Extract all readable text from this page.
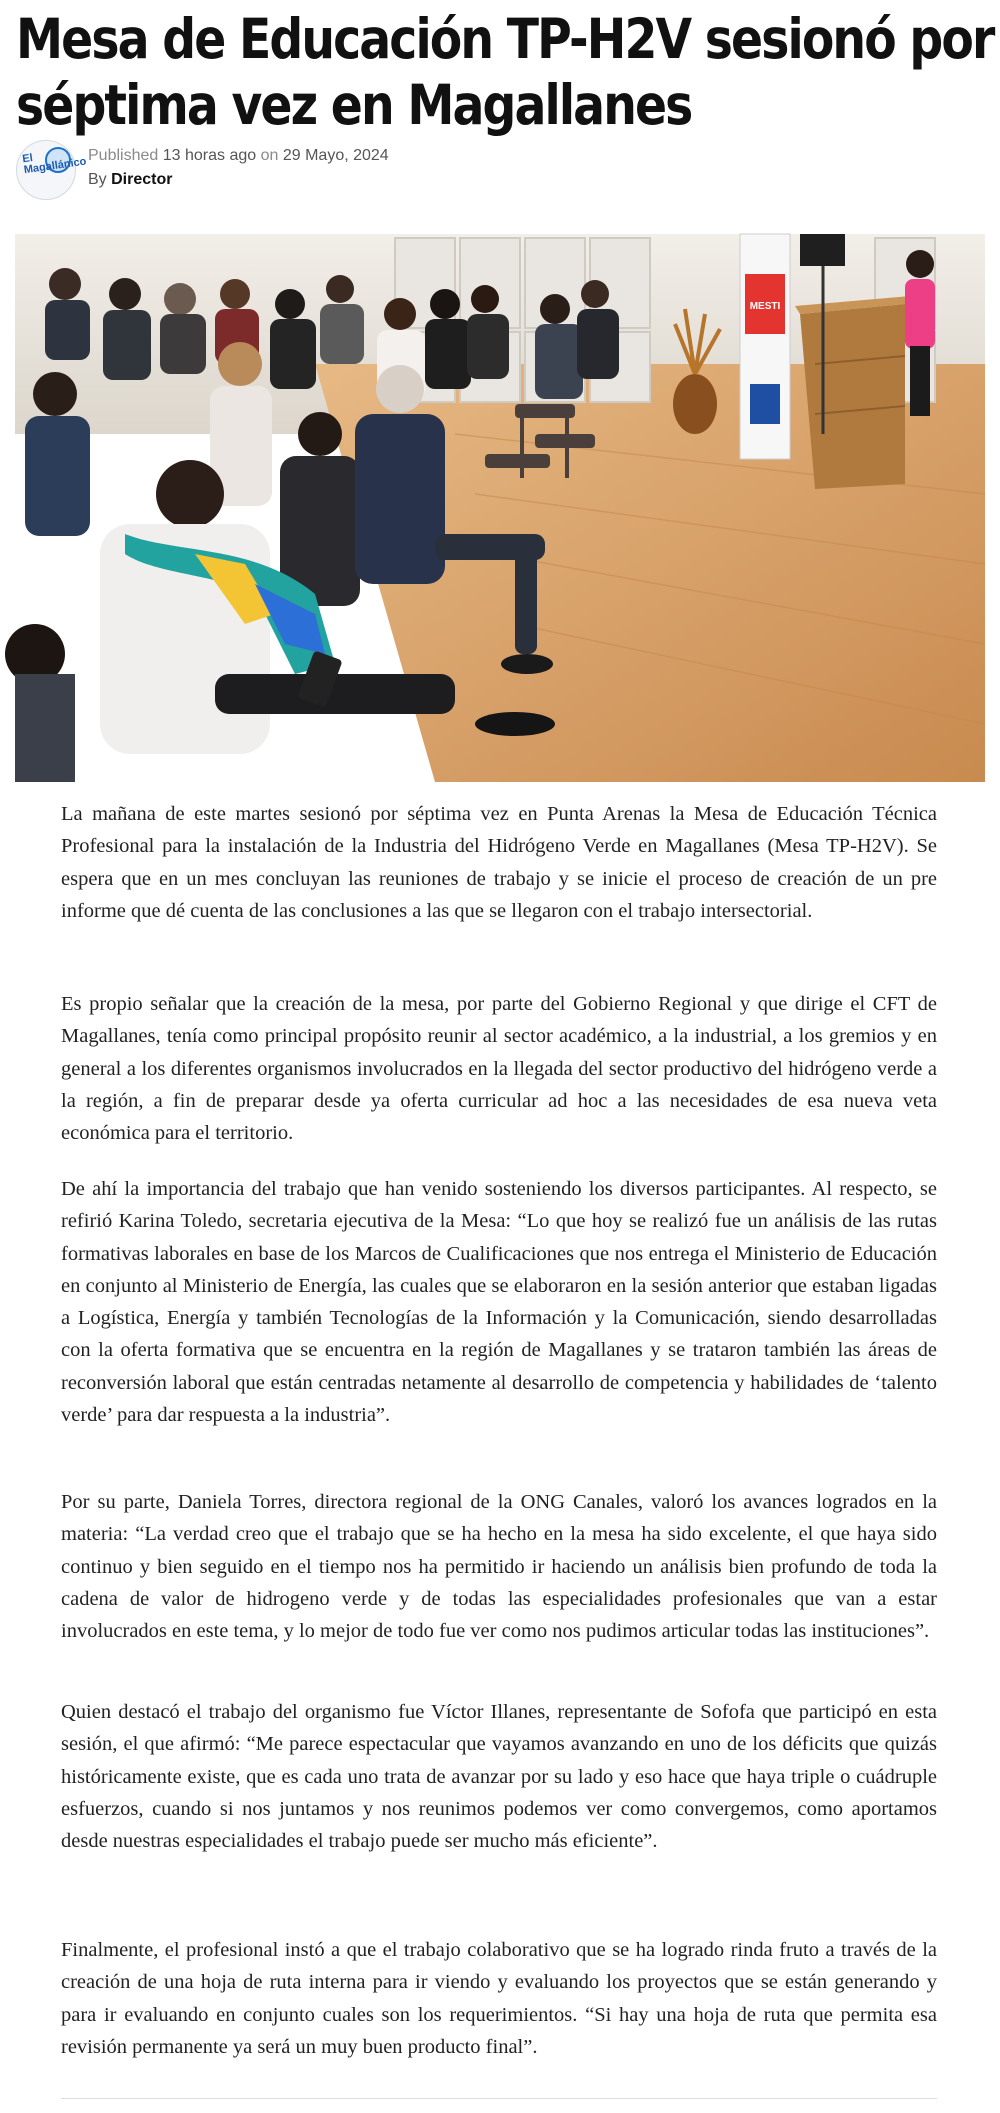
Mesa de Educación TP-H2V sesionó por
séptima vez en Magallanes
El Magallánico
Published 13 horas ago on 29 Mayo, 2024
By Director
MESTI

La mañana de este martes sesionó por séptima vez en Punta Arenas la Mesa de Educación Técnica Profesional para la instalación de la Industria del Hidrógeno Verde en Magallanes (Mesa TP-H2V). Se espera que en un mes concluyan las reuniones de trabajo y se inicie el proceso de creación de un pre informe que dé cuenta de las conclusiones a las que se llegaron con el trabajo intersectorial.

Es propio señalar que la creación de la mesa, por parte del Gobierno Regional y que dirige el CFT de Magallanes, tenía como principal propósito reunir al sector académico, a la industrial, a los gremios y en general a los diferentes organismos involucrados en la llegada del sector productivo del hidrógeno verde a la región, a fin de preparar desde ya oferta curricular ad hoc a las necesidades de esa nueva veta económica para el territorio.

De ahí la importancia del trabajo que han venido sosteniendo los diversos participantes. Al respecto, se refirió Karina Toledo, secretaria ejecutiva de la Mesa: “Lo que hoy se realizó fue un análisis de las rutas formativas laborales en base de los Marcos de Cualificaciones que nos entrega el Ministerio de Educación en conjunto al Ministerio de Energía, las cuales que se elaboraron en la sesión anterior que estaban ligadas a Logística, Energía y también Tecnologías de la Información y la Comunicación, siendo desarrolladas con la oferta formativa que se encuentra en la región de Magallanes y se trataron también las áreas de reconversión laboral que están centradas netamente al desarrollo de competencia y habilidades de ‘talento verde’ para dar respuesta a la industria”.

Por su parte, Daniela Torres, directora regional de la ONG Canales, valoró los avances logrados en la materia: “La verdad creo que el trabajo que se ha hecho en la mesa ha sido excelente, el que haya sido continuo y bien seguido en el tiempo nos ha permitido ir haciendo un análisis bien profundo de toda la cadena de valor de hidrogeno verde y de todas las especialidades profesionales que van a estar involucrados en este tema, y lo mejor de todo fue ver como nos pudimos articular todas las instituciones”.

Quien destacó el trabajo del organismo fue Víctor Illanes, representante de Sofofa que participó en esta sesión, el que afirmó: “Me parece espectacular que vayamos avanzando en uno de los déficits que quizás históricamente existe, que es cada uno trata de avanzar por su lado y eso hace que haya triple o cuádruple esfuerzos, cuando si nos juntamos y nos reunimos podemos ver como convergemos, como aportamos desde nuestras especialidades el trabajo puede ser mucho más eficiente”.

Finalmente, el profesional instó a que el trabajo colaborativo que se ha logrado rinda fruto a través de la creación de una hoja de ruta interna para ir viendo y evaluando los proyectos que se están generando y para ir evaluando en conjunto cuales son los requerimientos. “Si hay una hoja de ruta que permita esa revisión permanente ya será un muy buen producto final”.
